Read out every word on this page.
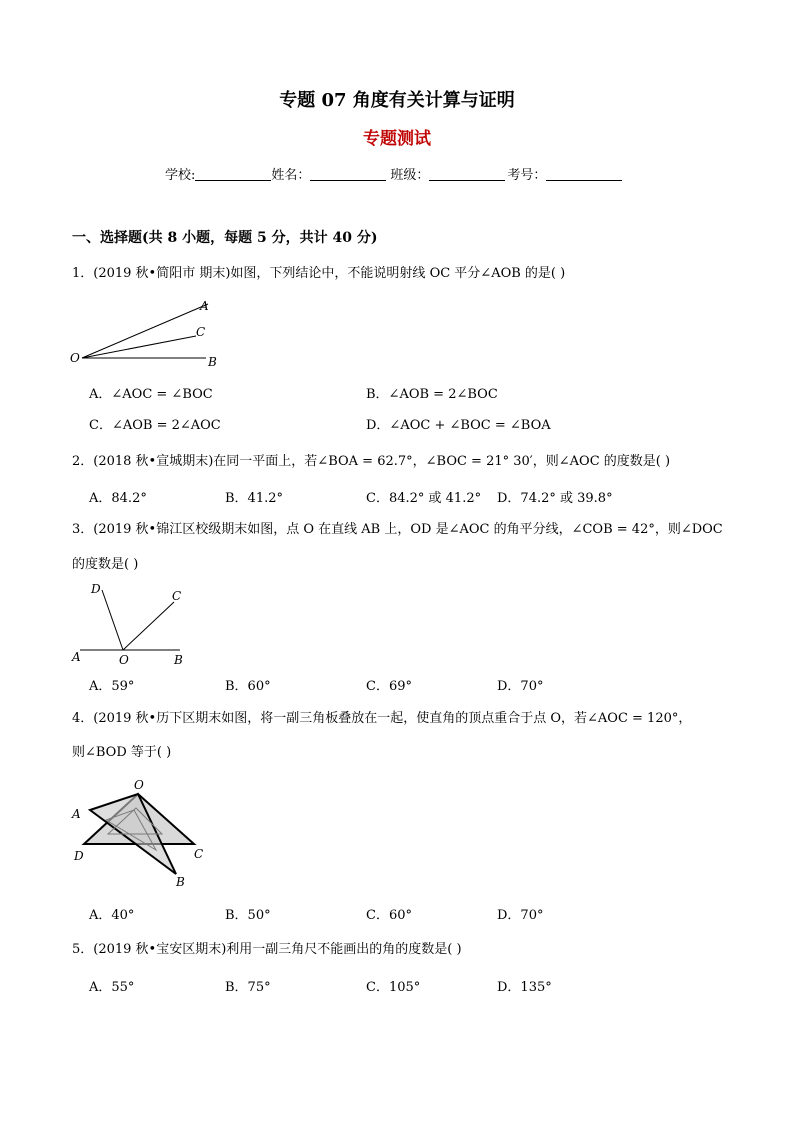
专题 07 角度有关计算与证明
专题测试
学校:	姓名：	班级：	考号：
一、选择题(共 8 小题，每题 5 分，共计 40 分)
1．(2019 秋•简阳市 期末)如图，下列结论中，不能说明射线 OC 平分∠AOB 的是( )
A
C
O	B
A．∠AOC = ∠BOC	B．∠AOB = 2∠BOC
C．∠AOB = 2∠AOC	D．∠AOC + ∠BOC = ∠BOA
2．(2018 秋•宣城期末)在同一平面上，若∠BOA = 62.7°，∠BOC = 21° 30′，则∠AOC 的度数是( )
A．84.2°	B．41.2°	C．84.2° 或 41.2° D．74.2° 或 39.8°
3．(2019 秋•锦江区校级期末如图，点 O 在直线 AB 上，OD 是∠AOC 的角平分线，∠COB = 42°，则∠DOC
的度数是( )
D	C
A	O	B
A．59°	B．60°	C．69°	D．70°
4．(2019 秋•历下区期末如图，将一副三角板叠放在一起，使直角的顶点重合于点 O，若∠AOC = 120°，
则∠BOD 等于( )
O
A
D	C
B
A．40°	B．50°	C．60°	D．70°
5．(2019 秋•宝安区期末)利用一副三角尺不能画出的角的度数是( )
A．55°	B．75°	C．105°	D．135°
